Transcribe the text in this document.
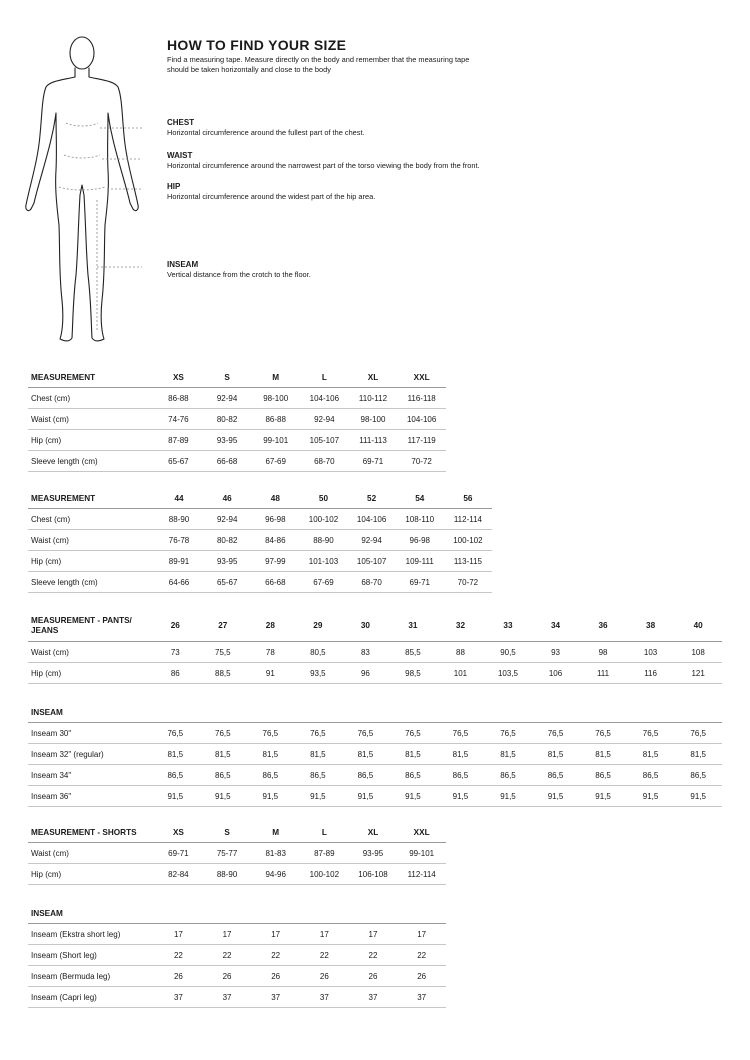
HOW TO FIND YOUR SIZE
Find a measuring tape. Measure directly on the body and remember that the measuring tape should be taken horizontally and close to the body
CHEST
Horizontal circumference around the fullest part of the chest.
WAIST
Horizontal circumference around the narrowest part of the torso viewing the body from the front.
HIP
Horizontal circumference around the widest part of the hip area.
INSEAM
Vertical distance from the crotch to the floor.
MEASUREMENT	XS	S	M	L	XL	XXL
Chest (cm)	86-88	92-94	98-100	104-106	110-112	116-118
Waist (cm)	74-76	80-82	86-88	92-94	98-100	104-106
Hip (cm)	87-89	93-95	99-101	105-107	111-113	117-119
Sleeve length (cm)	65-67	66-68	67-69	68-70	69-71	70-72
MEASUREMENT	44	46	48	50	52	54	56
Chest (cm)	88-90	92-94	96-98	100-102	104-106	108-110	112-114
Waist (cm)	76-78	80-82	84-86	88-90	92-94	96-98	100-102
Hip (cm)	89-91	93-95	97-99	101-103	105-107	109-111	113-115
Sleeve length (cm)	64-66	65-67	66-68	67-69	68-70	69-71	70-72
MEASUREMENT - PANTS/ JEANS	26	27	28	29	30	31	32	33	34	36	38	40
Waist (cm)	73	75,5	78	80,5	83	85,5	88	90,5	93	98	103	108
Hip (cm)	86	88,5	91	93,5	96	98,5	101	103,5	106	111	116	121
INSEAM												
Inseam 30"	76,5	76,5	76,5	76,5	76,5	76,5	76,5	76,5	76,5	76,5	76,5	76,5
Inseam 32" (regular)	81,5	81,5	81,5	81,5	81,5	81,5	81,5	81,5	81,5	81,5	81,5	81,5
Inseam 34"	86,5	86,5	86,5	86,5	86,5	86,5	86,5	86,5	86,5	86,5	86,5	86,5
Inseam 36"	91,5	91,5	91,5	91,5	91,5	91,5	91,5	91,5	91,5	91,5	91,5	91,5
MEASUREMENT - SHORTS	XS	S	M	L	XL	XXL
Waist (cm)	69-71	75-77	81-83	87-89	93-95	99-101
Hip (cm)	82-84	88-90	94-96	100-102	106-108	112-114
INSEAM						
Inseam (Ekstra short leg)	17	17	17	17	17	17
Inseam (Short leg)	22	22	22	22	22	22
Inseam (Bermuda leg)	26	26	26	26	26	26
Inseam (Capri leg)	37	37	37	37	37	37
